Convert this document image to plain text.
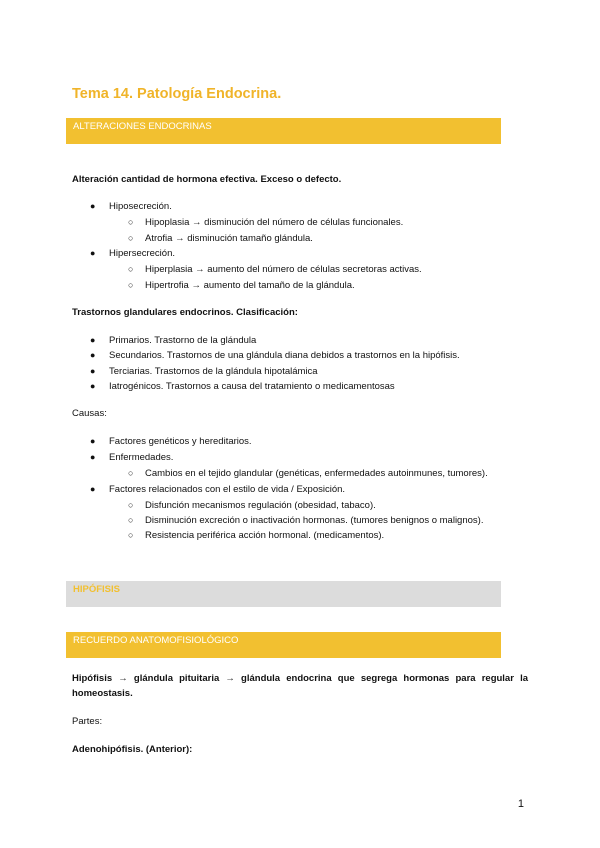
Tema 14. Patología Endocrina.
ALTERACIONES ENDOCRINAS
Alteración cantidad de hormona efectiva. Exceso o defecto.
● Hiposecreción.
○ Hipoplasia → disminución del número de células funcionales.
○ Atrofia → disminución tamaño glándula.
● Hipersecreción.
○ Hiperplasia → aumento del número de células secretoras activas.
○ Hipertrofia → aumento del tamaño de la glándula.
Trastornos glandulares endocrinos. Clasificación:
● Primarios. Trastorno de la glándula
● Secundarios. Trastornos de una glándula diana debidos a trastornos en la hipófisis.
● Terciarias. Trastornos de la glándula hipotalámica
● Iatrogénicos. Trastornos a causa del tratamiento o medicamentosas
Causas:
● Factores genéticos y hereditarios.
● Enfermedades.
○ Cambios en el tejido glandular (genéticas, enfermedades autoinmunes, tumores).
● Factores relacionados con el estilo de vida / Exposición.
○ Disfunción mecanismos regulación (obesidad, tabaco).
○ Disminución excreción o inactivación hormonas. (tumores benignos o malignos).
○ Resistencia periférica acción hormonal. (medicamentos).
HIPÓFISIS
RECUERDO ANATOMOFISIOLÓGICO
Hipófisis → glándula pituitaria → glándula endocrina que segrega hormonas para regular la homeostasis.
Partes:
Adenohipófisis. (Anterior):
1
